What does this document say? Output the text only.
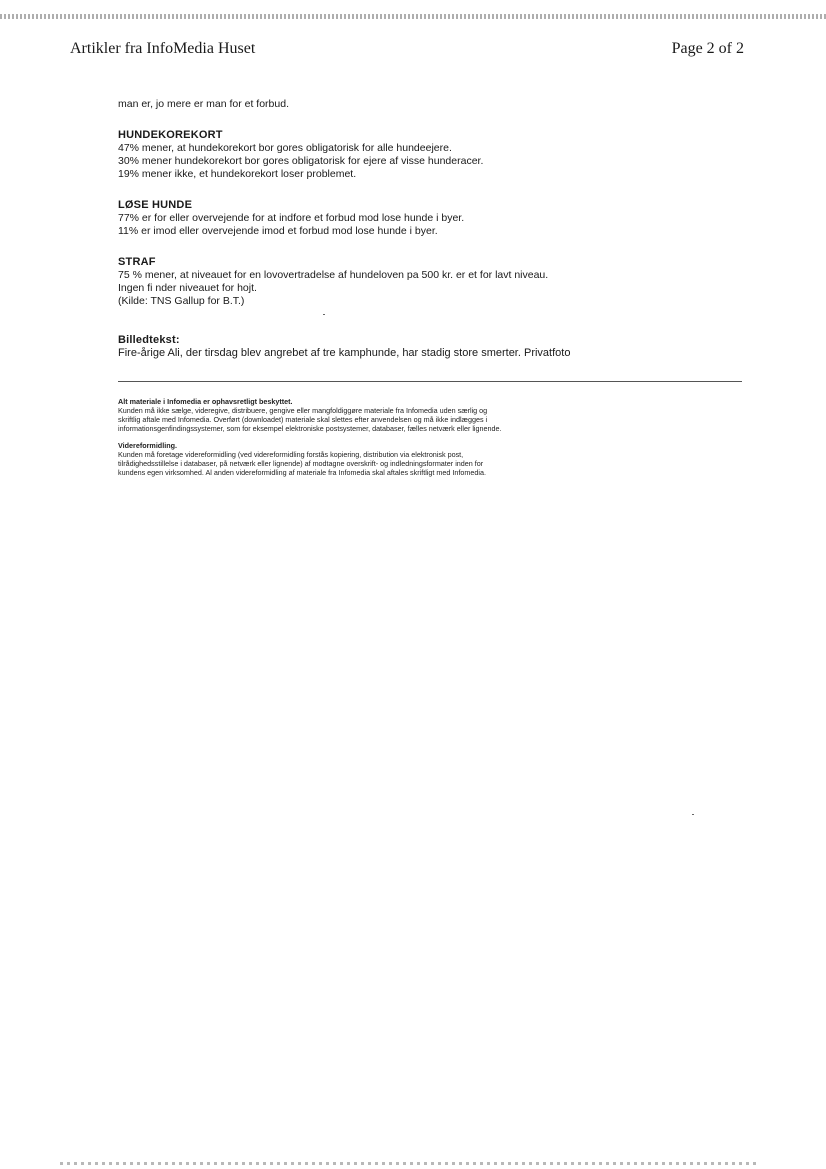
Artikler fra InfoMedia Huset	Page 2 of 2

man er, jo mere er man for et forbud.

HUNDEKOREKORT

47% mener, at hundekorekort bor gores obligatorisk for alle hundeejere.

30% mener hundekorekort bor gores obligatorisk for ejere af visse hunderacer.

19% mener ikke, et hundekorekort loser problemet.

LØSE HUNDE

77% er for eller overvejende for at indfore et forbud mod lose hunde i byer.

11% er imod eller overvejende imod et forbud mod lose hunde i byer.

STRAF

75 % mener, at niveauet for en lovovertradelse af hundeloven pa 500 kr. er et for lavt niveau.

Ingen fi nder niveauet for hojt.

(Kilde: TNS Gallup for B.T.)

Billedtekst:

Fire-årige Ali, der tirsdag blev angrebet af tre kamphunde, har stadig store smerter. Privatfoto

Alt materiale i Infomedia er ophavsretligt beskyttet.

Kunden må ikke sælge, videregive, distribuere, gengive eller mangfoldiggøre materiale fra Infomedia uden særlig og

skriftlig aftale med Infomedia. Overført (downloadet) materiale skal slettes efter anvendelsen og må ikke indlægges i

informationsgenfindingssystemer, som for eksempel elektroniske postsystemer, databaser, fælles netværk eller lignende.

Videreformidling.

Kunden må foretage videreformidling (ved videreformidling forstås kopiering, distribution via elektronisk post,

tilrådighedsstillelse i databaser, på netværk eller lignende) af modtagne overskrift- og indledningsformater inden for

kundens egen virksomhed. Al anden videreformidling af materiale fra Infomedia skal aftales skriftligt med Infomedia.
